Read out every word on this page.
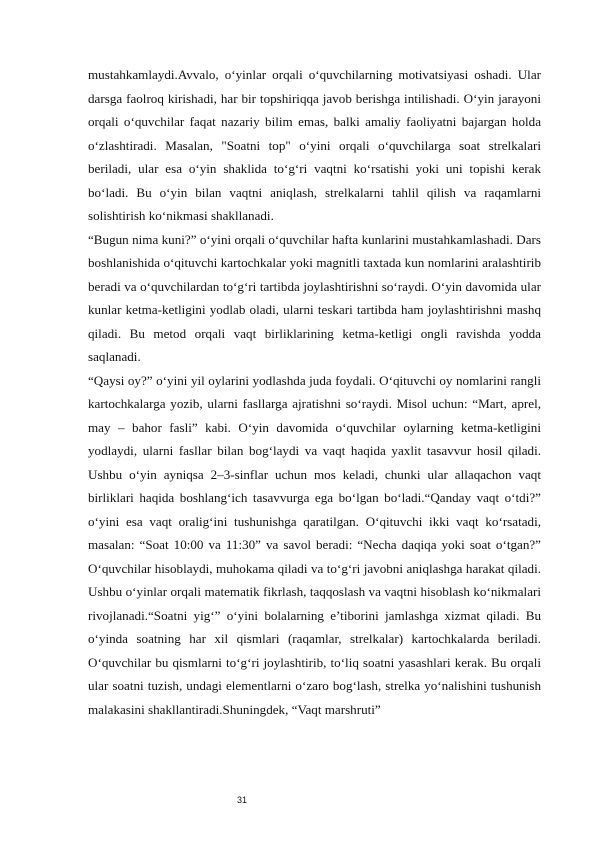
mustahkamlaydi.Avvalo, o‘yinlar orqali o‘quvchilarning motivatsiyasi oshadi. Ular darsga faolroq kirishadi, har bir topshiriqqa javob berishga intilishadi. O‘yin jarayoni orqali o‘quvchilar faqat nazariy bilim emas, balki amaliy faoliyatni bajargan holda o‘zlashtiradi. Masalan, "Soatni top" o‘yini orqali o‘quvchilarga soat strelkalari beriladi, ular esa o‘yin shaklida to‘g‘ri vaqtni ko‘rsatishi yoki uni topishi kerak bo‘ladi. Bu o‘yin bilan vaqtni aniqlash, strelkalarni tahlil qilish va raqamlarni solishtirish ko‘nikmasi shakllanadi.

“Bugun nima kuni?” o‘yini orqali o‘quvchilar hafta kunlarini mustahkamlashadi. Dars boshlanishida o‘qituvchi kartochkalar yoki magnitli taxtada kun nomlarini aralashtirib beradi va o‘quvchilardan to‘g‘ri tartibda joylashtirishni so‘raydi. O‘yin davomida ular kunlar ketma-ketligini yodlab oladi, ularni teskari tartibda ham joylashtirishni mashq qiladi. Bu metod orqali vaqt birliklarining ketma-ketligi ongli ravishda yodda saqlanadi.

“Qaysi oy?” o‘yini yil oylarini yodlashda juda foydali. O‘qituvchi oy nomlarini rangli kartochkalarga yozib, ularni fasllarga ajratishni so‘raydi. Misol uchun: “Mart, aprel, may – bahor fasli” kabi. O‘yin davomida o‘quvchilar oylarning ketma-ketligini yodlaydi, ularni fasllar bilan bog‘laydi va vaqt haqida yaxlit tasavvur hosil qiladi. Ushbu o‘yin ayniqsa 2–3-sinflar uchun mos keladi, chunki ular allaqachon vaqt birliklari haqida boshlang‘ich tasavvurga ega bo‘lgan bo‘ladi.“Qanday vaqt o‘tdi?” o‘yini esa vaqt oralig‘ini tushunishga qaratilgan. O‘qituvchi ikki vaqt ko‘rsatadi, masalan: “Soat 10:00 va 11:30” va savol beradi: “Necha daqiqa yoki soat o‘tgan?” O‘quvchilar hisoblaydi, muhokama qiladi va to‘g‘ri javobni aniqlashga harakat qiladi. Ushbu o‘yinlar orqali matematik fikrlash, taqqoslash va vaqtni hisoblash ko‘nikmalari rivojlanadi.“Soatni yig‘” o‘yini bolalarning e’tiborini jamlashga xizmat qiladi. Bu o‘yinda soatning har xil qismlari (raqamlar, strelkalar) kartochkalarda beriladi. O‘quvchilar bu qismlarni to‘g‘ri joylashtirib, to‘liq soatni yasashlari kerak. Bu orqali ular soatni tuzish, undagi elementlarni o‘zaro bog‘lash, strelka yo‘nalishini tushunish malakasini shakllantiradi.Shuningdek, “Vaqt marshruti”

31
